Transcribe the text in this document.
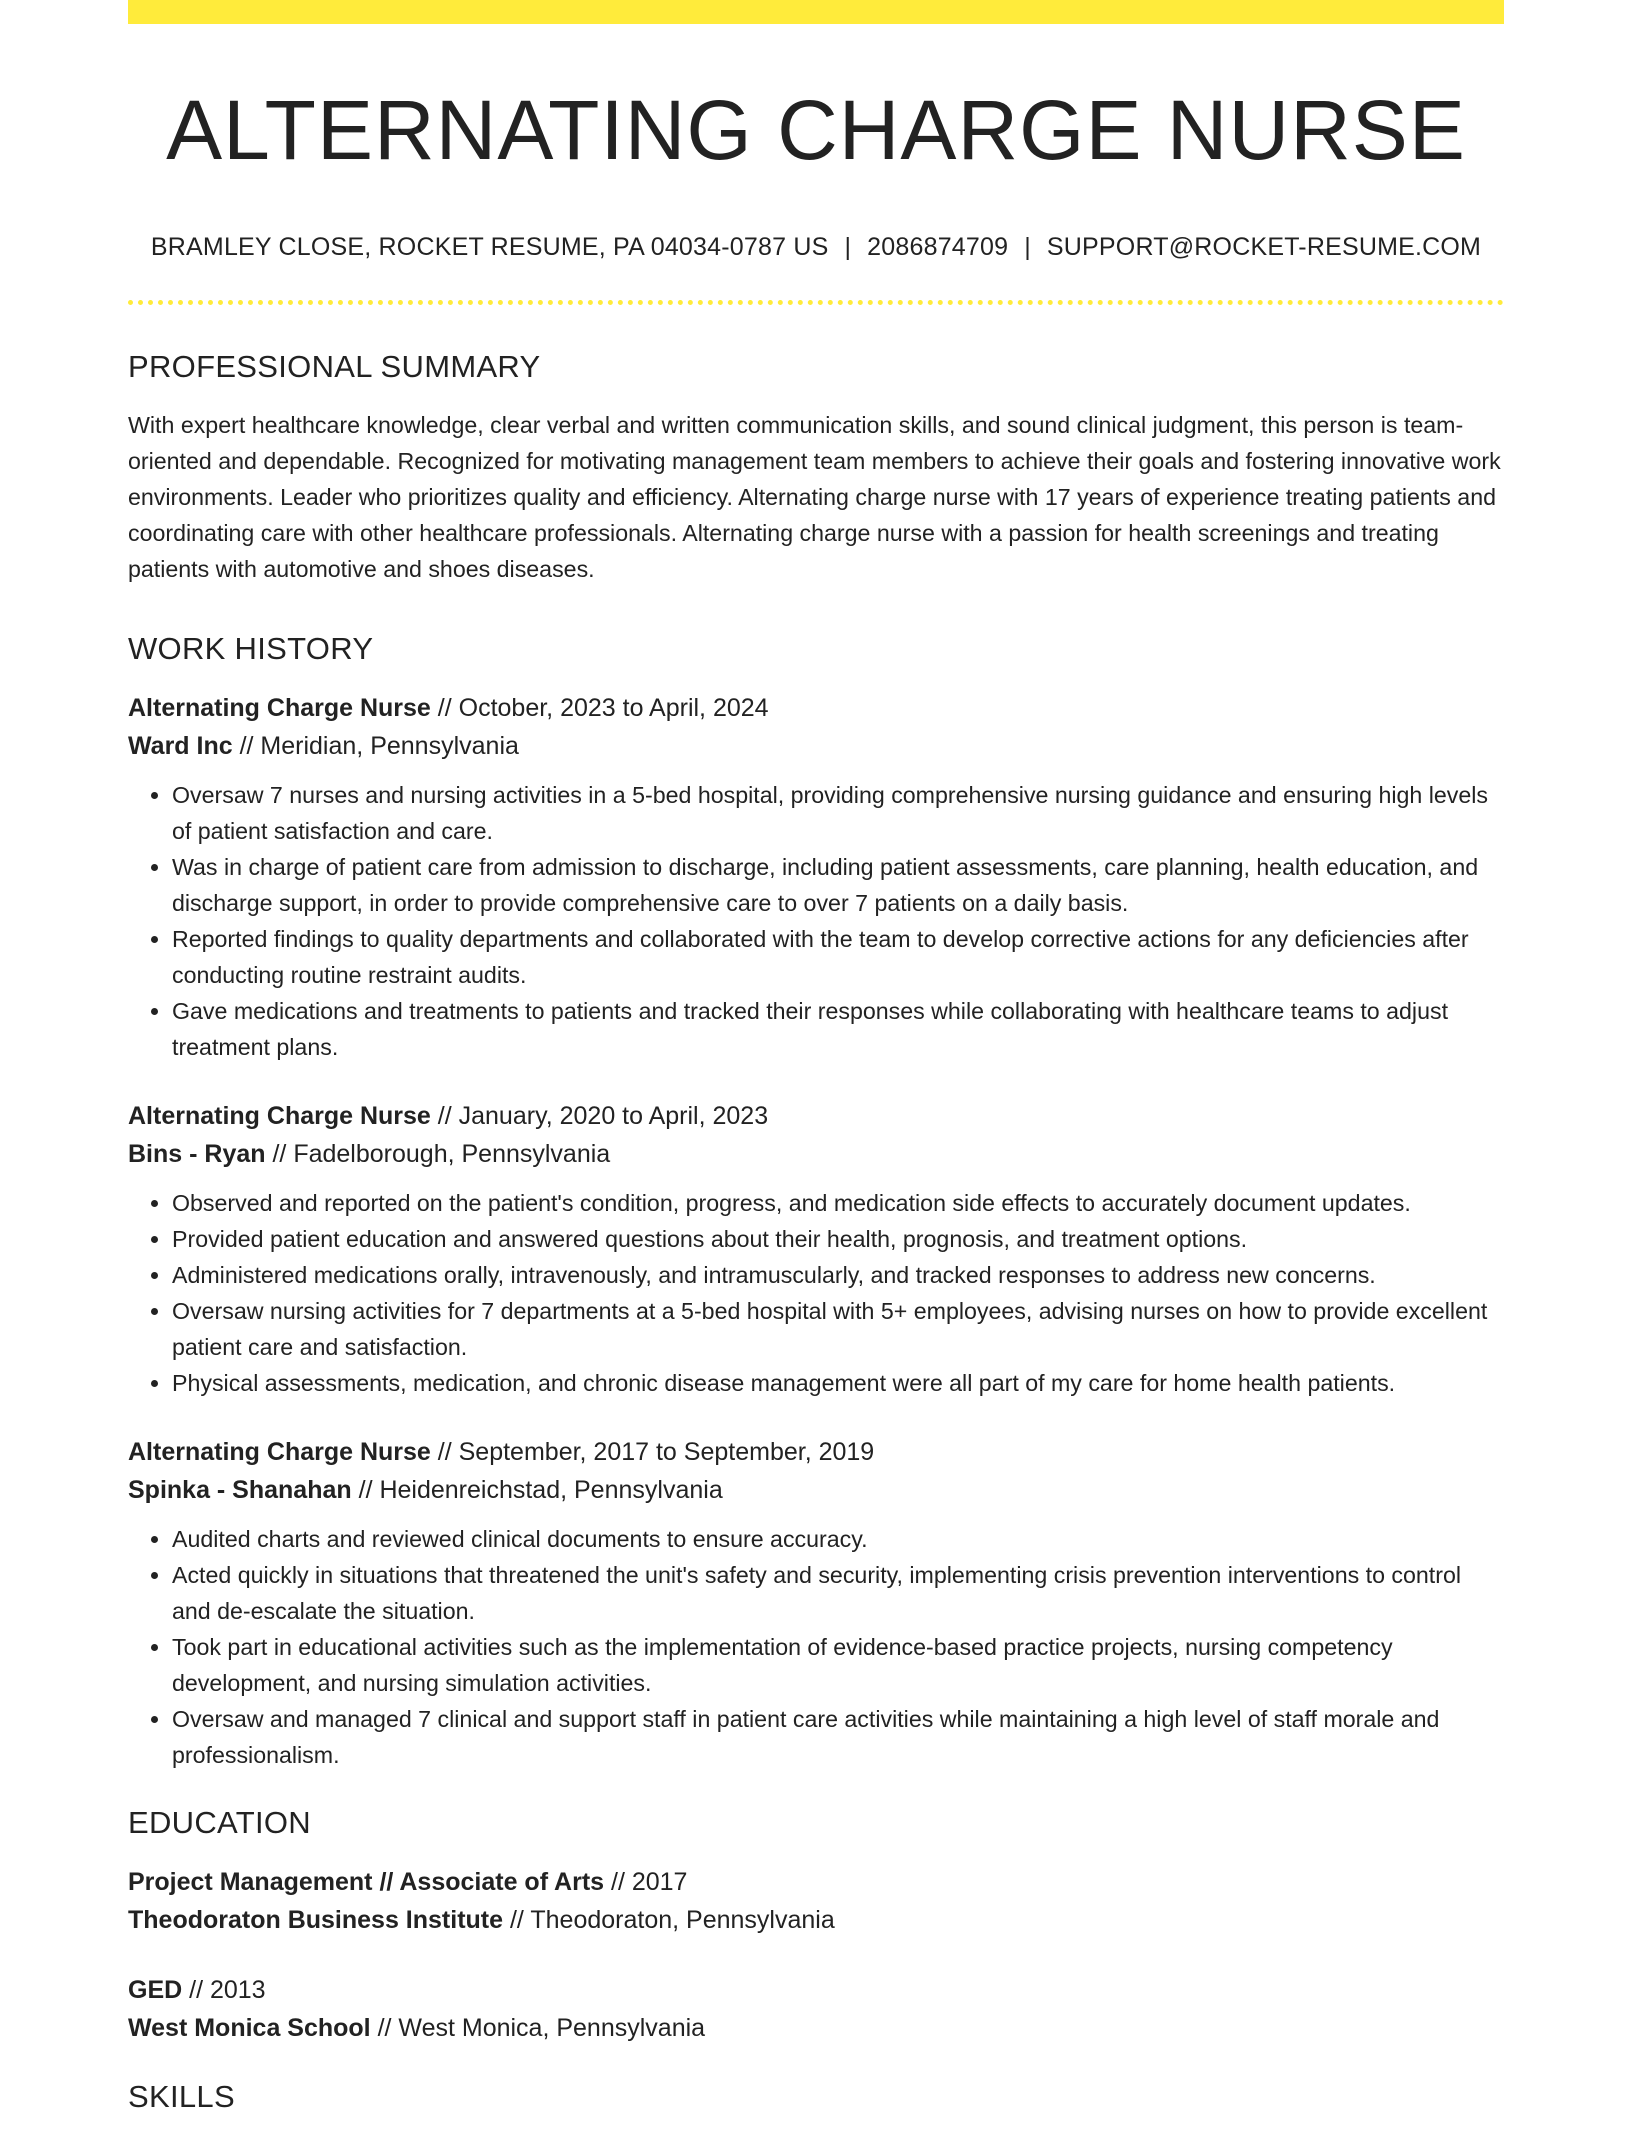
ALTERNATING CHARGE NURSE
BRAMLEY CLOSE, ROCKET RESUME, PA 04034-0787 US | 2086874709 | SUPPORT@ROCKET-RESUME.COM
PROFESSIONAL SUMMARY

With expert healthcare knowledge, clear verbal and written communication skills, and sound clinical judgment, this person is team-oriented and dependable. Recognized for motivating management team members to achieve their goals and fostering innovative work environments. Leader who prioritizes quality and efficiency. Alternating charge nurse with 17 years of experience treating patients and coordinating care with other healthcare professionals. Alternating charge nurse with a passion for health screenings and treating patients with automotive and shoes diseases.

WORK HISTORY
Alternating Charge Nurse // October, 2023 to April, 2024
Ward Inc // Meridian, Pennsylvania
• Oversaw 7 nurses and nursing activities in a 5-bed hospital, providing comprehensive nursing guidance and ensuring high levels of patient satisfaction and care.
• Was in charge of patient care from admission to discharge, including patient assessments, care planning, health education, and discharge support, in order to provide comprehensive care to over 7 patients on a daily basis.
• Reported findings to quality departments and collaborated with the team to develop corrective actions for any deficiencies after conducting routine restraint audits.
• Gave medications and treatments to patients and tracked their responses while collaborating with healthcare teams to adjust treatment plans.
Alternating Charge Nurse // January, 2020 to April, 2023
Bins - Ryan // Fadelborough, Pennsylvania
• Observed and reported on the patient's condition, progress, and medication side effects to accurately document updates.
• Provided patient education and answered questions about their health, prognosis, and treatment options.
• Administered medications orally, intravenously, and intramuscularly, and tracked responses to address new concerns.
• Oversaw nursing activities for 7 departments at a 5-bed hospital with 5+ employees, advising nurses on how to provide excellent patient care and satisfaction.
• Physical assessments, medication, and chronic disease management were all part of my care for home health patients.
Alternating Charge Nurse // September, 2017 to September, 2019
Spinka - Shanahan // Heidenreichstad, Pennsylvania
• Audited charts and reviewed clinical documents to ensure accuracy.
• Acted quickly in situations that threatened the unit's safety and security, implementing crisis prevention interventions to control and de-escalate the situation.
• Took part in educational activities such as the implementation of evidence-based practice projects, nursing competency development, and nursing simulation activities.
• Oversaw and managed 7 clinical and support staff in patient care activities while maintaining a high level of staff morale and professionalism.
EDUCATION
Project Management // Associate of Arts // 2017
Theodoraton Business Institute // Theodoraton, Pennsylvania
GED // 2013
West Monica School // West Monica, Pennsylvania
SKILLS
